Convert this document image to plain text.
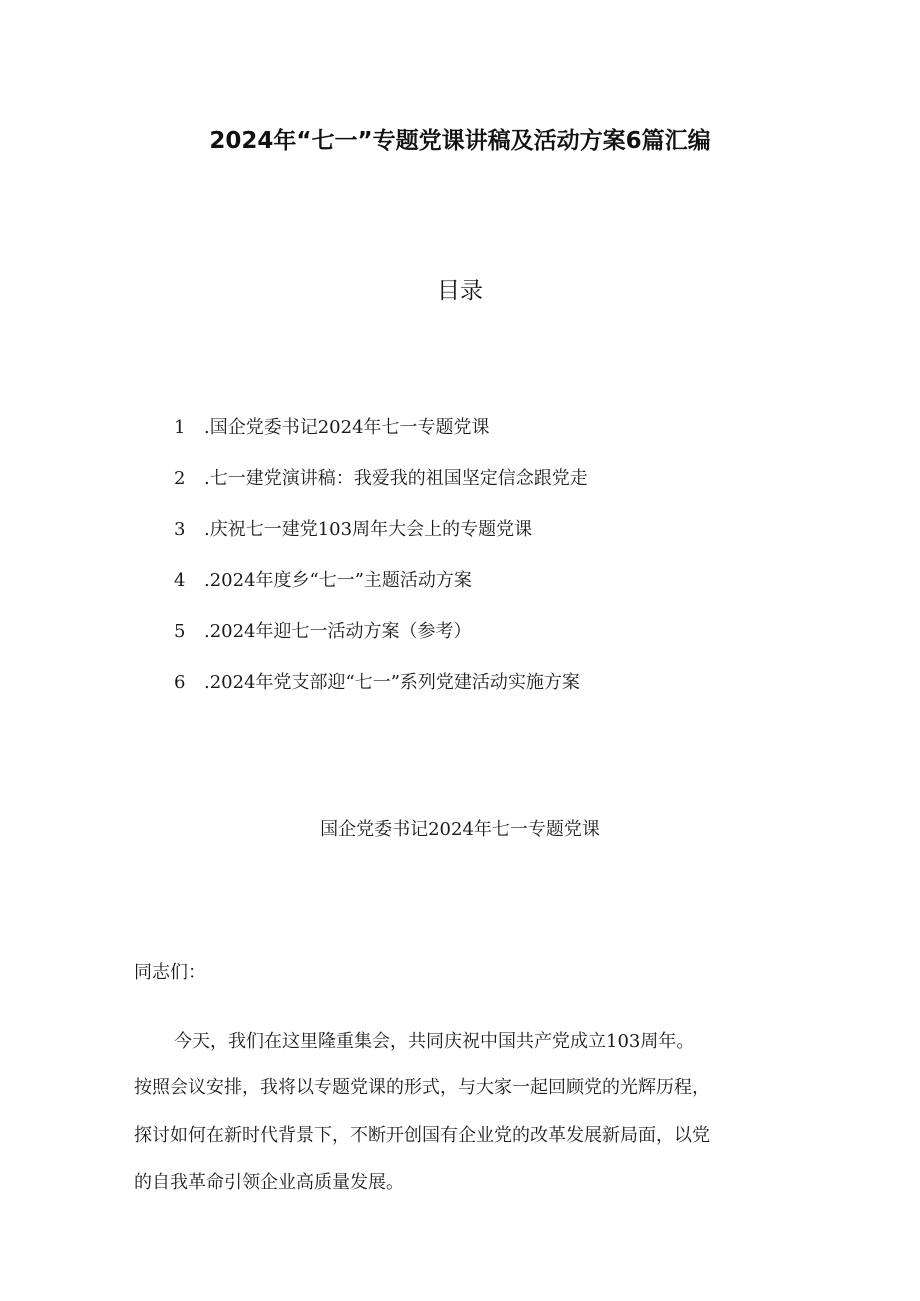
2024年“七一”专题党课讲稿及活动方案6篇汇编
目录
1 .国企党委书记2024年七一专题党课
2 .七一建党演讲稿：我爱我的祖国坚定信念跟党走
3 .庆祝七一建党103周年大会上的专题党课
4 .2024年度乡“七一”主题活动方案
5 .2024年迎七一活动方案（参考）
6 .2024年党支部迎“七一”系列党建活动实施方案
国企党委书记2024年七一专题党课
同志们：
今天，我们在这里隆重集会，共同庆祝中国共产党成立103周年。
按照会议安排，我将以专题党课的形式，与大家一起回顾党的光辉历程，
探讨如何在新时代背景下，不断开创国有企业党的改革发展新局面，以党
的自我革命引领企业高质量发展。
